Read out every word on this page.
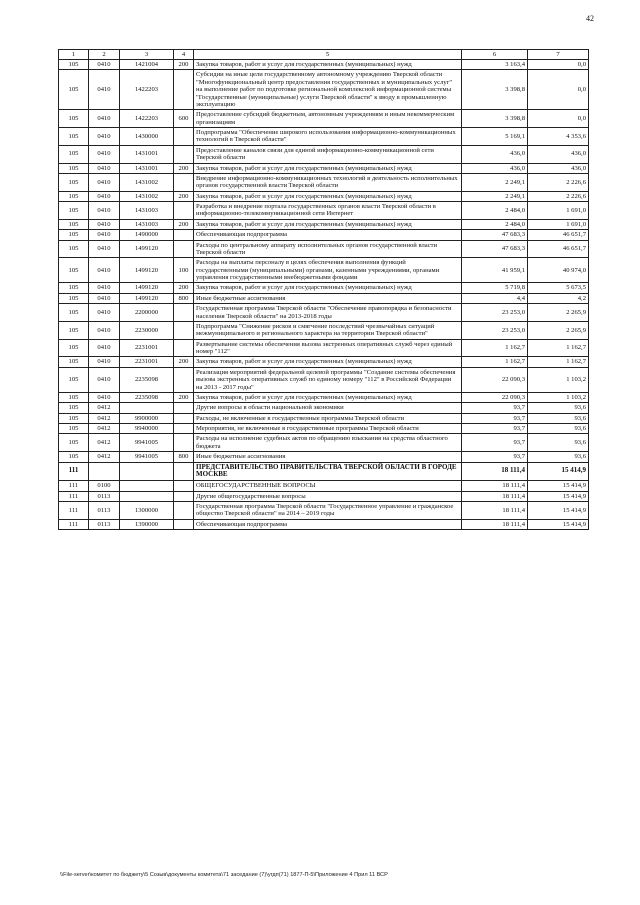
42
1	2	3	4	5	6	7
105	0410	1421004	200	Закупка товаров, работ и услуг для государственных (муниципальных) нужд	3 163,4	0,0
105	0410	1422203		Субсидии на иные цели государственному автономному учреждению Тверской области "Многофункциональный центр предоставления государственных и муниципальных услуг" на выполнение работ по подготовке региональной комплексной информационной системы "Государственные (муниципальные) услуги Тверской области" к вводу в промышленную эксплуатацию	3 398,8	0,0
105	0410	1422203	600	Предоставление субсидий бюджетным, автономным учреждениям и иным некоммерческим организациям	3 398,8	0,0
105	0410	1430000		Подпрограмма "Обеспечение широкого использования информационно-коммуникационных технологий в Тверской области"	5 169,1	4 353,6
105	0410	1431001		Предоставление каналов связи для единой информационно-коммуникационной сети Тверской области	436,0	436,0
105	0410	1431001	200	Закупка товаров, работ и услуг для государственных (муниципальных) нужд	436,0	436,0
105	0410	1431002		Внедрение информационно-коммуникационных технологий в деятельность исполнительных органов государственной власти Тверской области	2 249,1	2 226,6
105	0410	1431002	200	Закупка товаров, работ и услуг для государственных (муниципальных) нужд	2 249,1	2 226,6
105	0410	1431003		Разработка и внедрение портала государственных органов власти Тверской области в информационно-телекоммуникационной сети Интернет	2 484,0	1 691,0
105	0410	1431003	200	Закупка товаров, работ и услуг для государственных (муниципальных) нужд	2 484,0	1 691,0
105	0410	1490000		Обеспечивающая подпрограмма	47 683,3	46 651,7
105	0410	1499120		Расходы по центральному аппарату исполнительных органов государственной власти Тверской области	47 683,3	46 651,7
105	0410	1499120	100	Расходы на выплаты персоналу в целях обеспечения выполнения функций государственными (муниципальными) органами, казенными учреждениями, органами управления государственными внебюджетными фондами	41 959,1	40 974,0
105	0410	1499120	200	Закупка товаров, работ и услуг для государственных (муниципальных) нужд	5 719,8	5 673,5
105	0410	1499120	800	Иные бюджетные ассигнования	4,4	4,2
105	0410	2200000		Государственная программа Тверской области "Обеспечение правопорядка и безопасности населения Тверской области" на 2013-2018 годы	23 253,0	2 265,9
105	0410	2230000		Подпрограмма "Снижение рисков и смягчение последствий чрезвычайных ситуаций межмуниципального и регионального характера на территории Тверской области"	23 253,0	2 265,9
105	0410	2231001		Развертывание системы обеспечения вызова экстренных оперативных служб через единый номер "112"	1 162,7	1 162,7
105	0410	2231001	200	Закупка товаров, работ и услуг для государственных (муниципальных) нужд	1 162,7	1 162,7
105	0410	2235098		Реализация мероприятий федеральной целевой программы "Создание системы обеспечения вызова экстренных оперативных служб по единому номеру "112" в Российской Федерации на 2013 - 2017 годы"	22 090,3	1 103,2
105	0410	2235098	200	Закупка товаров, работ и услуг для государственных (муниципальных) нужд	22 090,3	1 103,2
105	0412			Другие вопросы в области национальной экономики	93,7	93,6
105	0412	9900000		Расходы, не включенные в государственные программы Тверской области	93,7	93,6
105	0412	9940000		Мероприятия, не включенные в государственные программы Тверской области	93,7	93,6
105	0412	9941005		Расходы на исполнение судебных актов по обращению взыскания на средства областного бюджета	93,7	93,6
105	0412	9941005	800	Иные бюджетные ассигнования	93,7	93,6
111				ПРЕДСТАВИТЕЛЬСТВО ПРАВИТЕЛЬСТВА ТВЕРСКОЙ ОБЛАСТИ В ГОРОДЕ МОСКВЕ	18 111,4	15 414,9
111	0100			ОБЩЕГОСУДАРСТВЕННЫЕ ВОПРОСЫ	18 111,4	15 414,9
111	0113			Другие общегосударственные вопросы	18 111,4	15 414,9
111	0113	1300000		Государственная программа Тверской области "Государственное управление и гражданское общество Тверской области" на 2014 – 2019 годы	18 111,4	15 414,9
111	0113	1390000		Обеспечивающая подпрограмма	18 111,4	15 414,9
\\File-server\комитет по бюджету\5 Созыв\документы комитета\71 заседание (7)\угдп(71) 1877-П-5\Приложение 4 Прил 11 ВСР
